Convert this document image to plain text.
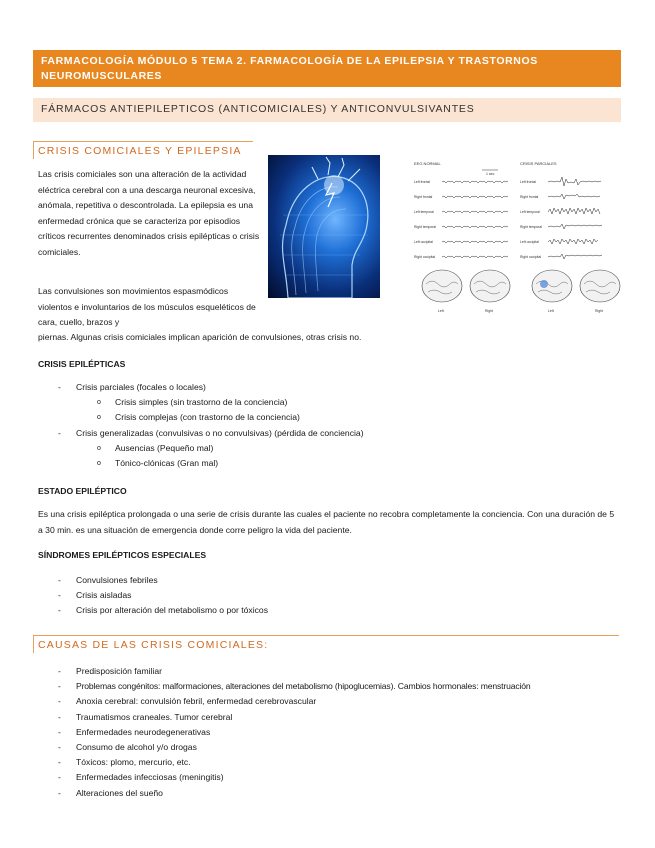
FARMACOLOGÍA MÓDULO 5 TEMA 2. FARMACOLOGÍA DE LA EPILEPSIA Y TRASTORNOS NEUROMUSCULARES
FÁRMACOS ANTIEPILEPTICOS (ANTICOMICIALES) Y ANTICONVULSIVANTES
CRISIS COMICIALES Y EPILEPSIA
Las crisis comiciales son una alteración de la actividad eléctrica cerebral con a una descarga neuronal excesiva, anómala, repetitiva o descontrolada. La epilepsia es una enfermedad crónica que se caracteriza por episodios críticos recurrentes denominados crisis epilépticas o crisis comiciales.
Las convulsiones son movimientos espasmódicos violentos e involuntarios de los músculos esqueléticos de cara, cuello, brazos y
piernas. Algunas crisis comiciales implican aparición de convulsiones, otras crisis no.
EEG NORMAL	CRISIS PARCIALES
1 sec
Left frontal
Right frontal
Left temporal
Right temporal
Left occipital
Right occipital
Left frontal
Right frontal
Left temporal
Right temporal
Left occipital
Right occipital
Left	Right	Left	Right
CRISIS EPILÉPTICAS
- Crisis parciales (focales o locales)
o Crisis simples (sin trastorno de la conciencia)
o Crisis complejas (con trastorno de la conciencia)
- Crisis generalizadas (convulsivas o no convulsivas) (pérdida de conciencia)
o Ausencias (Pequeño mal)
o Tónico-clónicas (Gran mal)
ESTADO EPILÉPTICO
Es una crisis epiléptica prolongada o una serie de crisis durante las cuales el paciente no recobra completamente la conciencia. Con una duración de 5 a 30 min. es una situación de emergencia donde corre peligro la vida del paciente.
SÍNDROMES EPILÉPTICOS ESPECIALES
- Convulsiones febriles
- Crisis aisladas
- Crisis por alteración del metabolismo o por tóxicos
CAUSAS DE LAS CRISIS COMICIALES:
- Predisposición familiar
- Problemas congénitos: malformaciones, alteraciones del metabolismo (hipoglucemias). Cambios hormonales: menstruación
- Anoxia cerebral: convulsión febril, enfermedad cerebrovascular
- Traumatismos craneales. Tumor cerebral
- Enfermedades neurodegenerativas
- Consumo de alcohol y/o drogas
- Tóxicos: plomo, mercurio, etc.
- Enfermedades infecciosas (meningitis)
- Alteraciones del sueño
